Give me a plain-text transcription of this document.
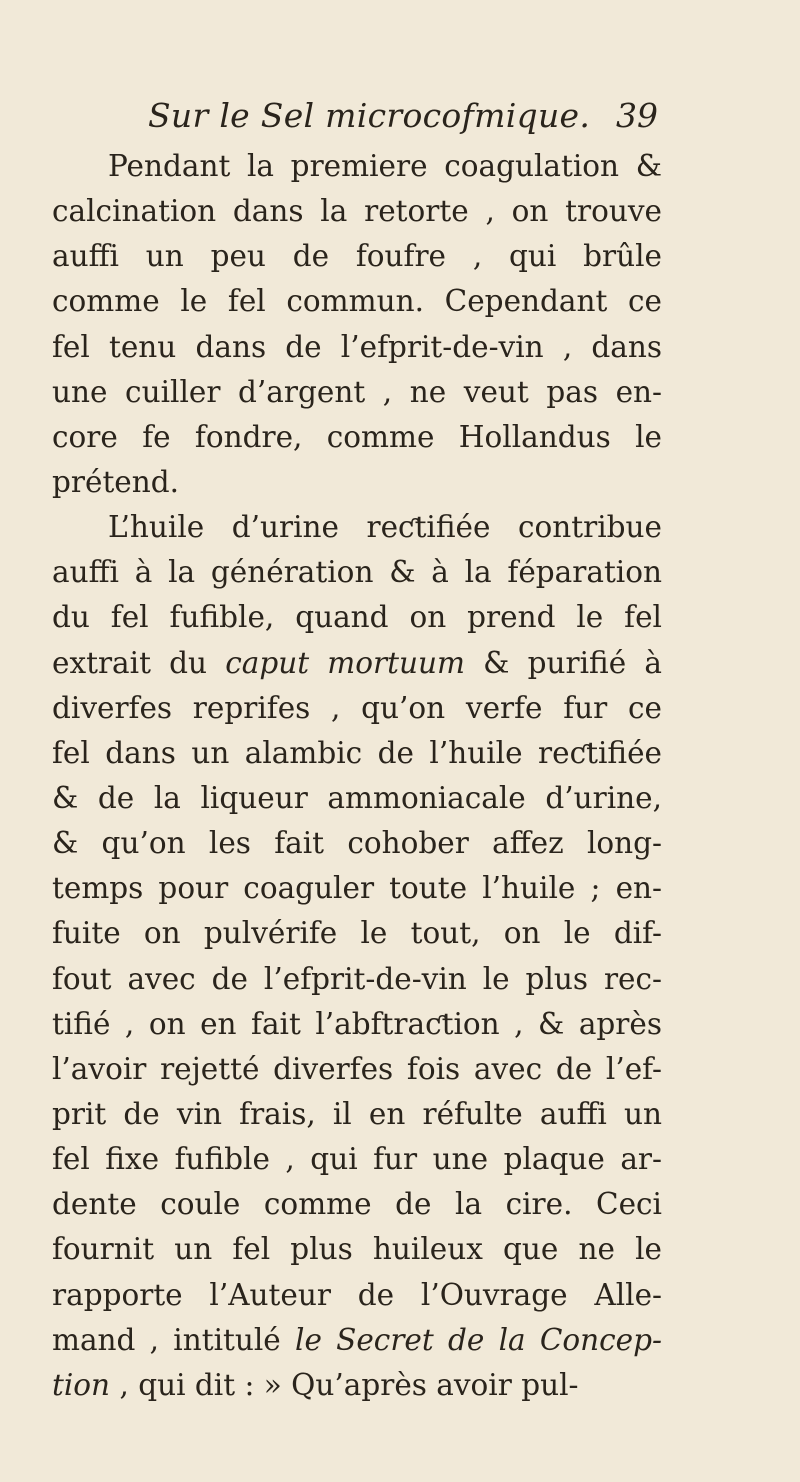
Sur le Sel microcofmique. 39
Pendant la premiere coagulation &
calcination dans la retorte , on trouve
auffi un peu de foufre , qui brûle
comme le fel commun. Cependant ce
fel tenu dans de l’efprit-de-vin , dans
une cuiller d’argent , ne veut pas en-
core fe fondre, comme Hollandus le
prétend.
L’huile d’urine reƈtifiée contribue
auffi à la génération & à la féparation
du fel fufible, quand on prend le fel
extrait du caput mortuum & purifié à
diverfes reprifes , qu’on verfe fur ce
fel dans un alambic de l’huile reƈtifiée
& de la liqueur ammoniacale d’urine,
& qu’on les fait cohober affez long-
temps pour coaguler toute l’huile ; en-
fuite on pulvérife le tout, on le dif-
fout avec de l’efprit-de-vin le plus rec-
tifié , on en fait l’abftraƈtion , & après
l’avoir rejetté diverfes fois avec de l’ef-
prit de vin frais, il en réfulte auffi un
fel fixe fufible , qui fur une plaque ar-
dente coule comme de la cire. Ceci
fournit un fel plus huileux que ne le
rapporte l’Auteur de l’Ouvrage Alle-
mand , intitulé le Secret de la Concep-
tion , qui dit : » Qu’après avoir pul-
